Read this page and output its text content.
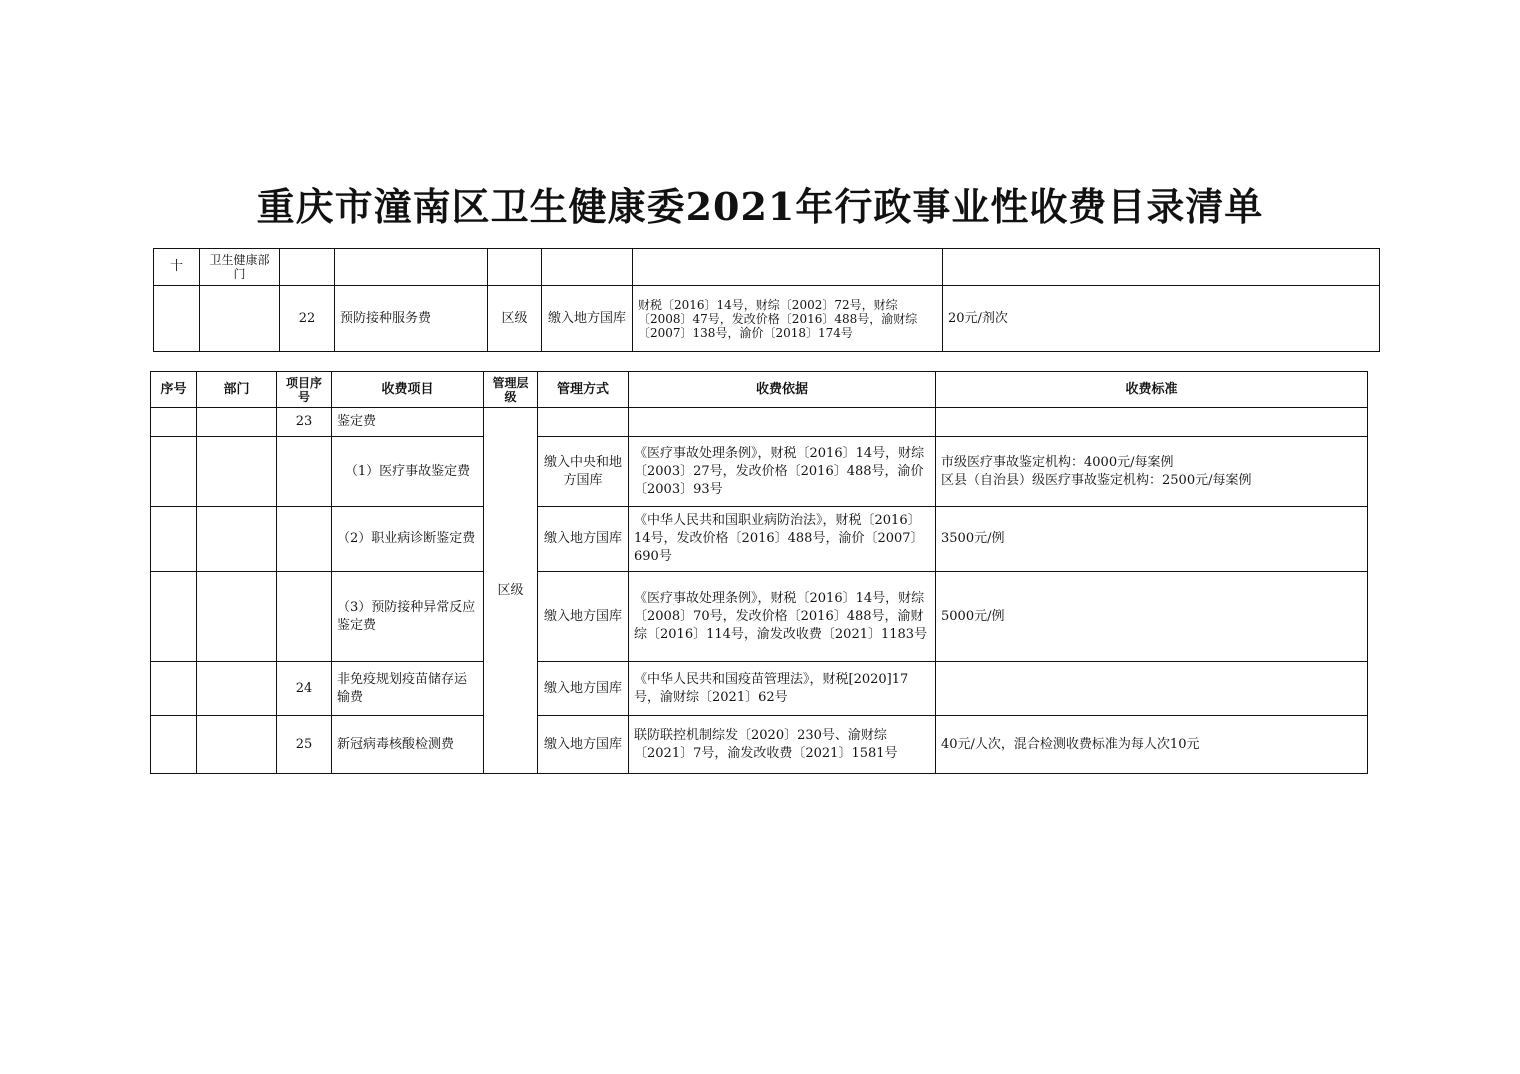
重庆市潼南区卫生健康委2021年行政事业性收费目录清单
十	卫生健康部门						
		22	预防接种服务费	区级	缴入地方国库	财税〔2016〕14号，财综〔2002〕72号，财综〔2008〕47号，发改价格〔2016〕488号，渝财综〔2007〕138号，渝价〔2018〕174号	20元/剂次
序号	部门	项目序号	收费项目	管理层级	管理方式	收费依据	收费标准
		23	鉴定费	区级			
			（1）医疗事故鉴定费		缴入中央和地方国库	《医疗事故处理条例》，财税〔2016〕14号，财综〔2003〕27号，发改价格〔2016〕488号，渝价〔2003〕93号	市级医疗事故鉴定机构：4000元/每案例
区县（自治县）级医疗事故鉴定机构：2500元/每案例

			（2）职业病诊断鉴定费		缴入地方国库	《中华人民共和国职业病防治法》，财税〔2016〕14号，发改价格〔2016〕488号，渝价〔2007〕690号	3500元/例
			（3）预防接种异常反应鉴定费		缴入地方国库	《医疗事故处理条例》，财税〔2016〕14号，财综〔2008〕70号，发改价格〔2016〕488号，渝财综〔2016〕114号，渝发改收费〔2021〕1183号	5000元/例
		24	非免疫规划疫苗储存运输费		缴入地方国库	《中华人民共和国疫苗管理法》，财税[2020]17号，渝财综〔2021〕62号	
		25	新冠病毒核酸检测费		缴入地方国库	联防联控机制综发〔2020〕230号、渝财综〔2021〕7号，渝发改收费〔2021〕1581号	40元/人次，混合检测收费标准为每人次10元
